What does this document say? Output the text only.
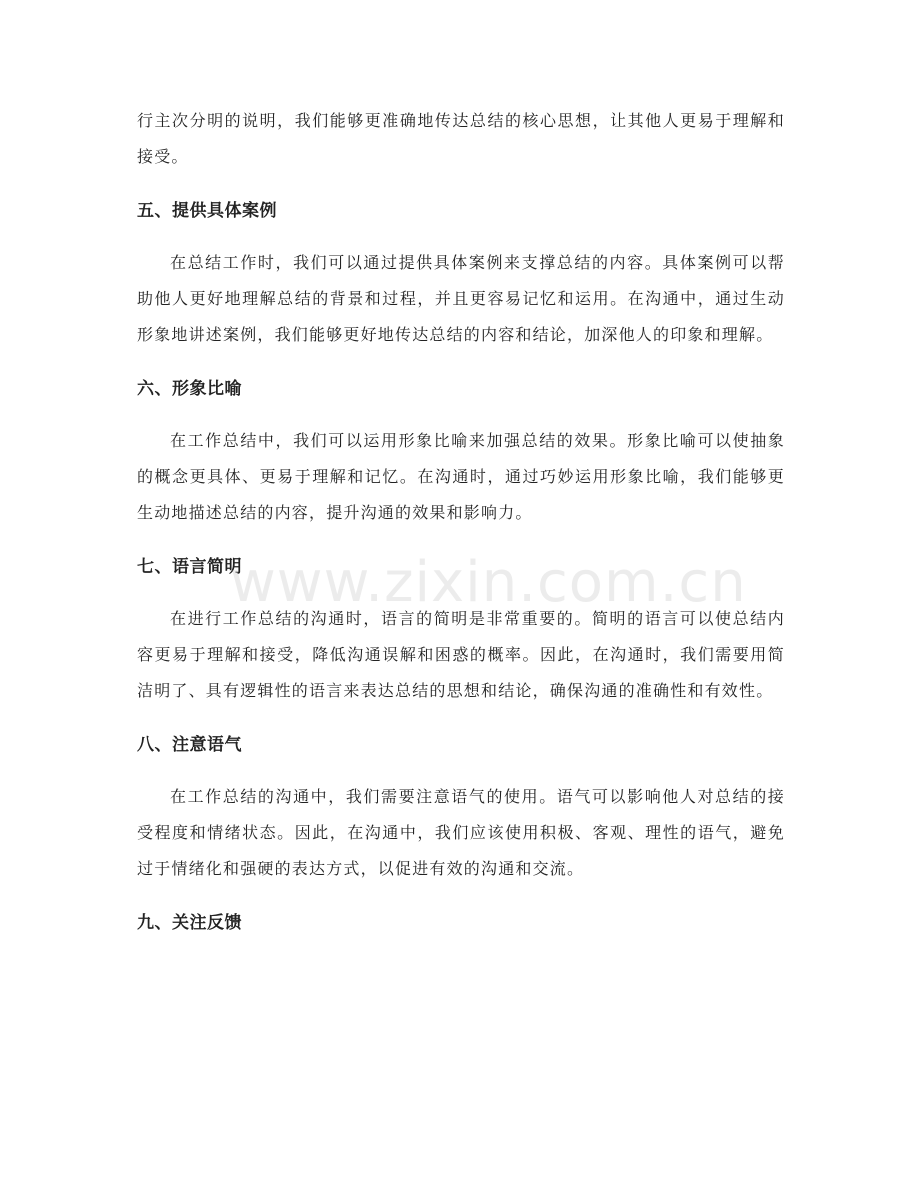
行主次分明的说明，我们能够更准确地传达总结的核心思想，让其他人更易于理解和接受。

五、提供具体案例

在总结工作时，我们可以通过提供具体案例来支撑总结的内容。具体案例可以帮助他人更好地理解总结的背景和过程，并且更容易记忆和运用。在沟通中，通过生动形象地讲述案例，我们能够更好地传达总结的内容和结论，加深他人的印象和理解。

六、形象比喻

在工作总结中，我们可以运用形象比喻来加强总结的效果。形象比喻可以使抽象的概念更具体、更易于理解和记忆。在沟通时，通过巧妙运用形象比喻，我们能够更生动地描述总结的内容，提升沟通的效果和影响力。

七、语言简明

在进行工作总结的沟通时，语言的简明是非常重要的。简明的语言可以使总结内容更易于理解和接受，降低沟通误解和困惑的概率。因此，在沟通时，我们需要用简洁明了、具有逻辑性的语言来表达总结的思想和结论，确保沟通的准确性和有效性。

八、注意语气

在工作总结的沟通中，我们需要注意语气的使用。语气可以影响他人对总结的接受程度和情绪状态。因此，在沟通中，我们应该使用积极、客观、理性的语气，避免过于情绪化和强硬的表达方式，以促进有效的沟通和交流。

九、关注反馈
www.zixin.com.cn
